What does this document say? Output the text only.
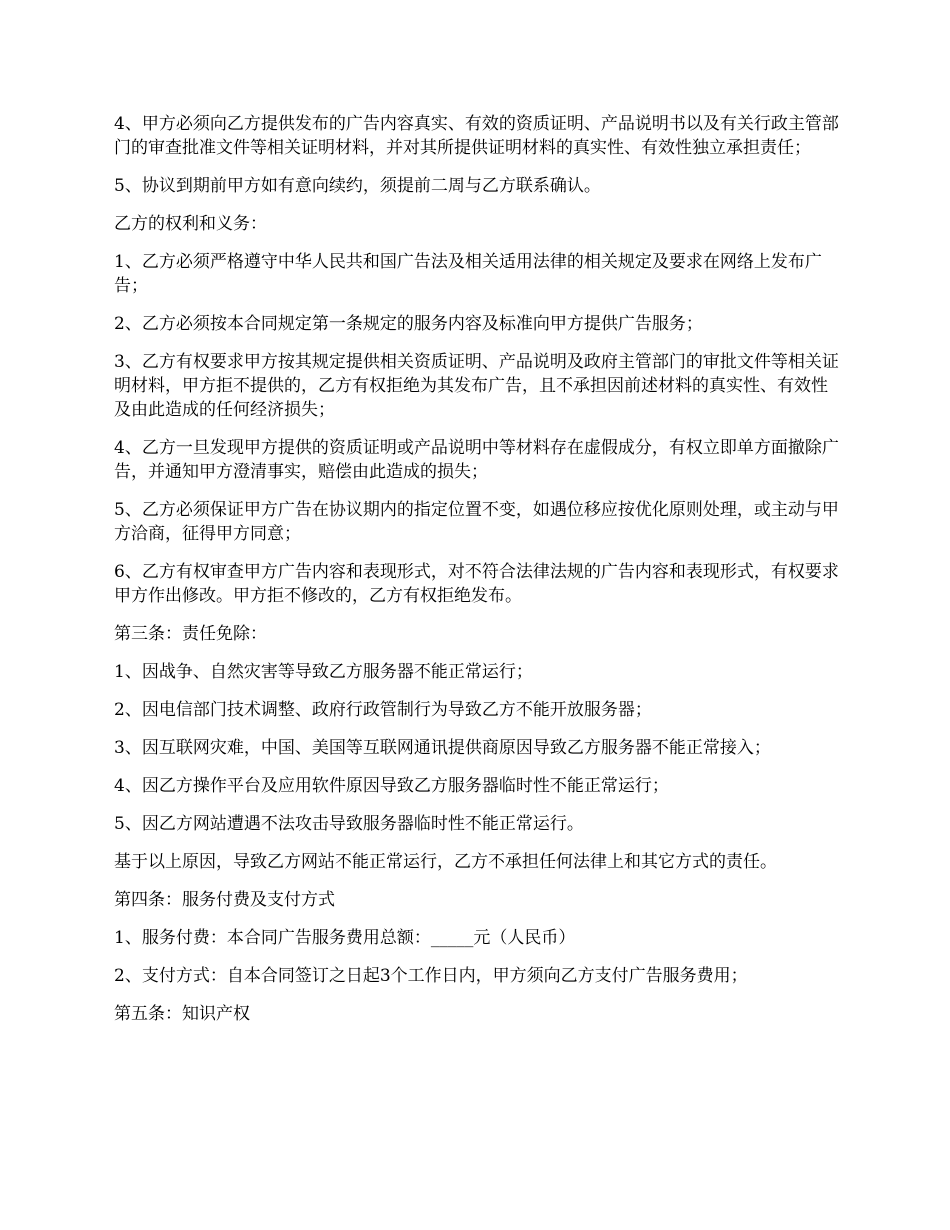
4、甲方必须向乙方提供发布的广告内容真实、有效的资质证明、产品说明书以及有关行政主管部门的审查批准文件等相关证明材料，并对其所提供证明材料的真实性、有效性独立承担责任；

5、协议到期前甲方如有意向续约，须提前二周与乙方联系确认。

乙方的权利和义务：

1、乙方必须严格遵守中华人民共和国广告法及相关适用法律的相关规定及要求在网络上发布广告；

2、乙方必须按本合同规定第一条规定的服务内容及标准向甲方提供广告服务；

3、乙方有权要求甲方按其规定提供相关资质证明、产品说明及政府主管部门的审批文件等相关证明材料，甲方拒不提供的，乙方有权拒绝为其发布广告，且不承担因前述材料的真实性、有效性及由此造成的任何经济损失；

4、乙方一旦发现甲方提供的资质证明或产品说明中等材料存在虚假成分，有权立即单方面撤除广告，并通知甲方澄清事实，赔偿由此造成的损失；

5、乙方必须保证甲方广告在协议期内的指定位置不变，如遇位移应按优化原则处理，或主动与甲方洽商，征得甲方同意；

6、乙方有权审查甲方广告内容和表现形式，对不符合法律法规的广告内容和表现形式，有权要求甲方作出修改。甲方拒不修改的，乙方有权拒绝发布。

第三条：责任免除：

1、因战争、自然灾害等导致乙方服务器不能正常运行；

2、因电信部门技术调整、政府行政管制行为导致乙方不能开放服务器；

3、因互联网灾难，中国、美国等互联网通讯提供商原因导致乙方服务器不能正常接入；

4、因乙方操作平台及应用软件原因导致乙方服务器临时性不能正常运行；

5、因乙方网站遭遇不法攻击导致服务器临时性不能正常运行。

基于以上原因，导致乙方网站不能正常运行，乙方不承担任何法律上和其它方式的责任。

第四条：服务付费及支付方式

1、服务付费：本合同广告服务费用总额：_____元（人民币）

2、支付方式：自本合同签订之日起3个工作日内，甲方须向乙方支付广告服务费用；

第五条：知识产权
